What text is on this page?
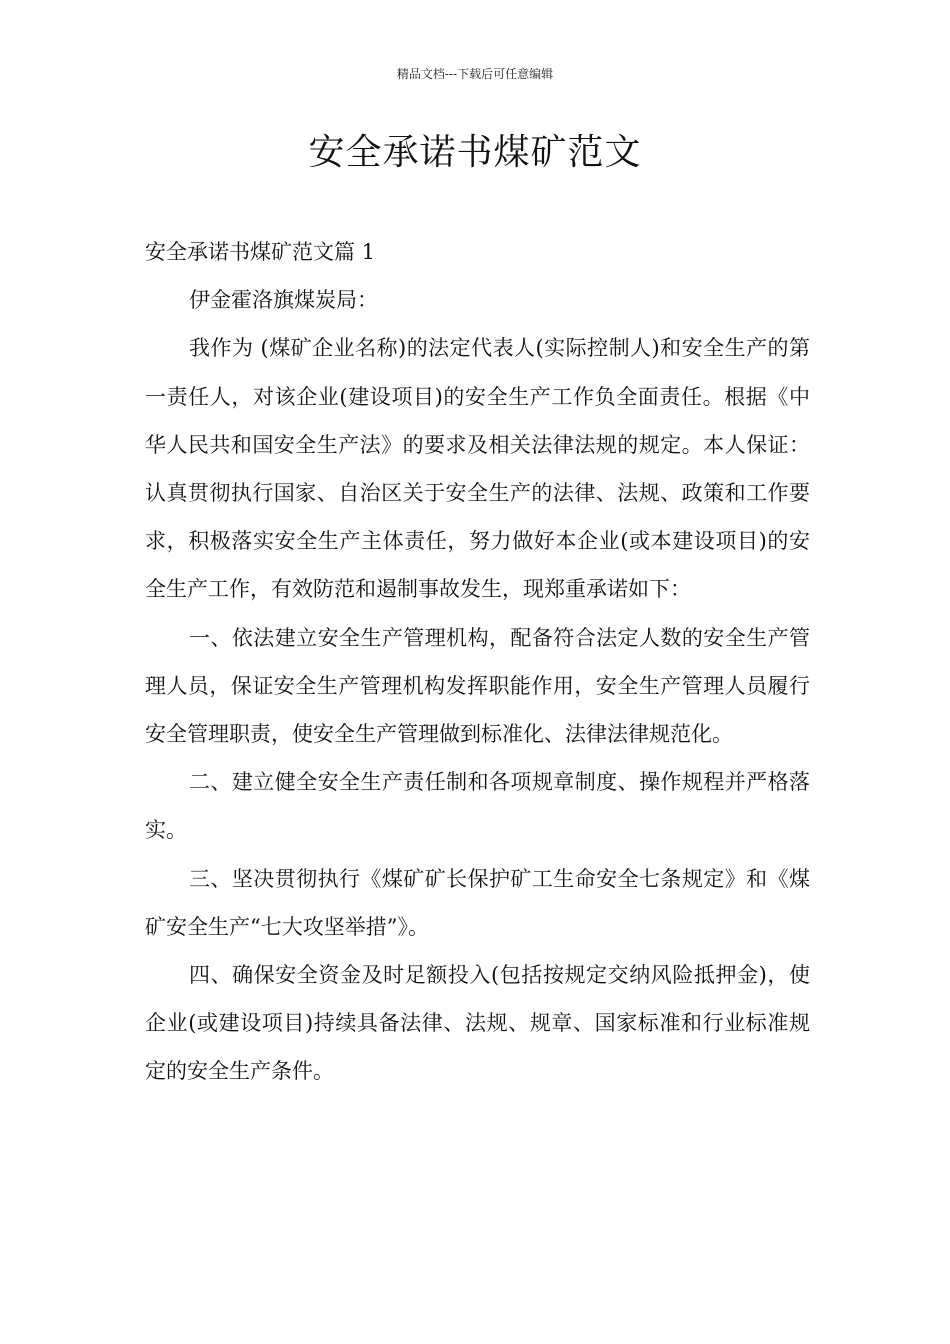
精品文档---下载后可任意编辑
安全承诺书煤矿范文

安全承诺书煤矿范文篇 1

伊金霍洛旗煤炭局：

我作为 (煤矿企业名称)的法定代表人(实际控制人)和安全生产的第一责任人，对该企业(建设项目)的安全生产工作负全面责任。根据《中华人民共和国安全生产法》的要求及相关法律法规的规定。本人保证：认真贯彻执行国家、自治区关于安全生产的法律、法规、政策和工作要求，积极落实安全生产主体责任，努力做好本企业(或本建设项目)的安全生产工作，有效防范和遏制事故发生，现郑重承诺如下：

一、依法建立安全生产管理机构，配备符合法定人数的安全生产管理人员，保证安全生产管理机构发挥职能作用，安全生产管理人员履行安全管理职责，使安全生产管理做到标准化、法律法律规范化。

二、建立健全安全生产责任制和各项规章制度、操作规程并严格落实。

三、坚决贯彻执行《煤矿矿长保护矿工生命安全七条规定》和《煤矿安全生产“七大攻坚举措”》。

四、确保安全资金及时足额投入(包括按规定交纳风险抵押金)，使企业(或建设项目)持续具备法律、法规、规章、国家标准和行业标准规定的安全生产条件。
